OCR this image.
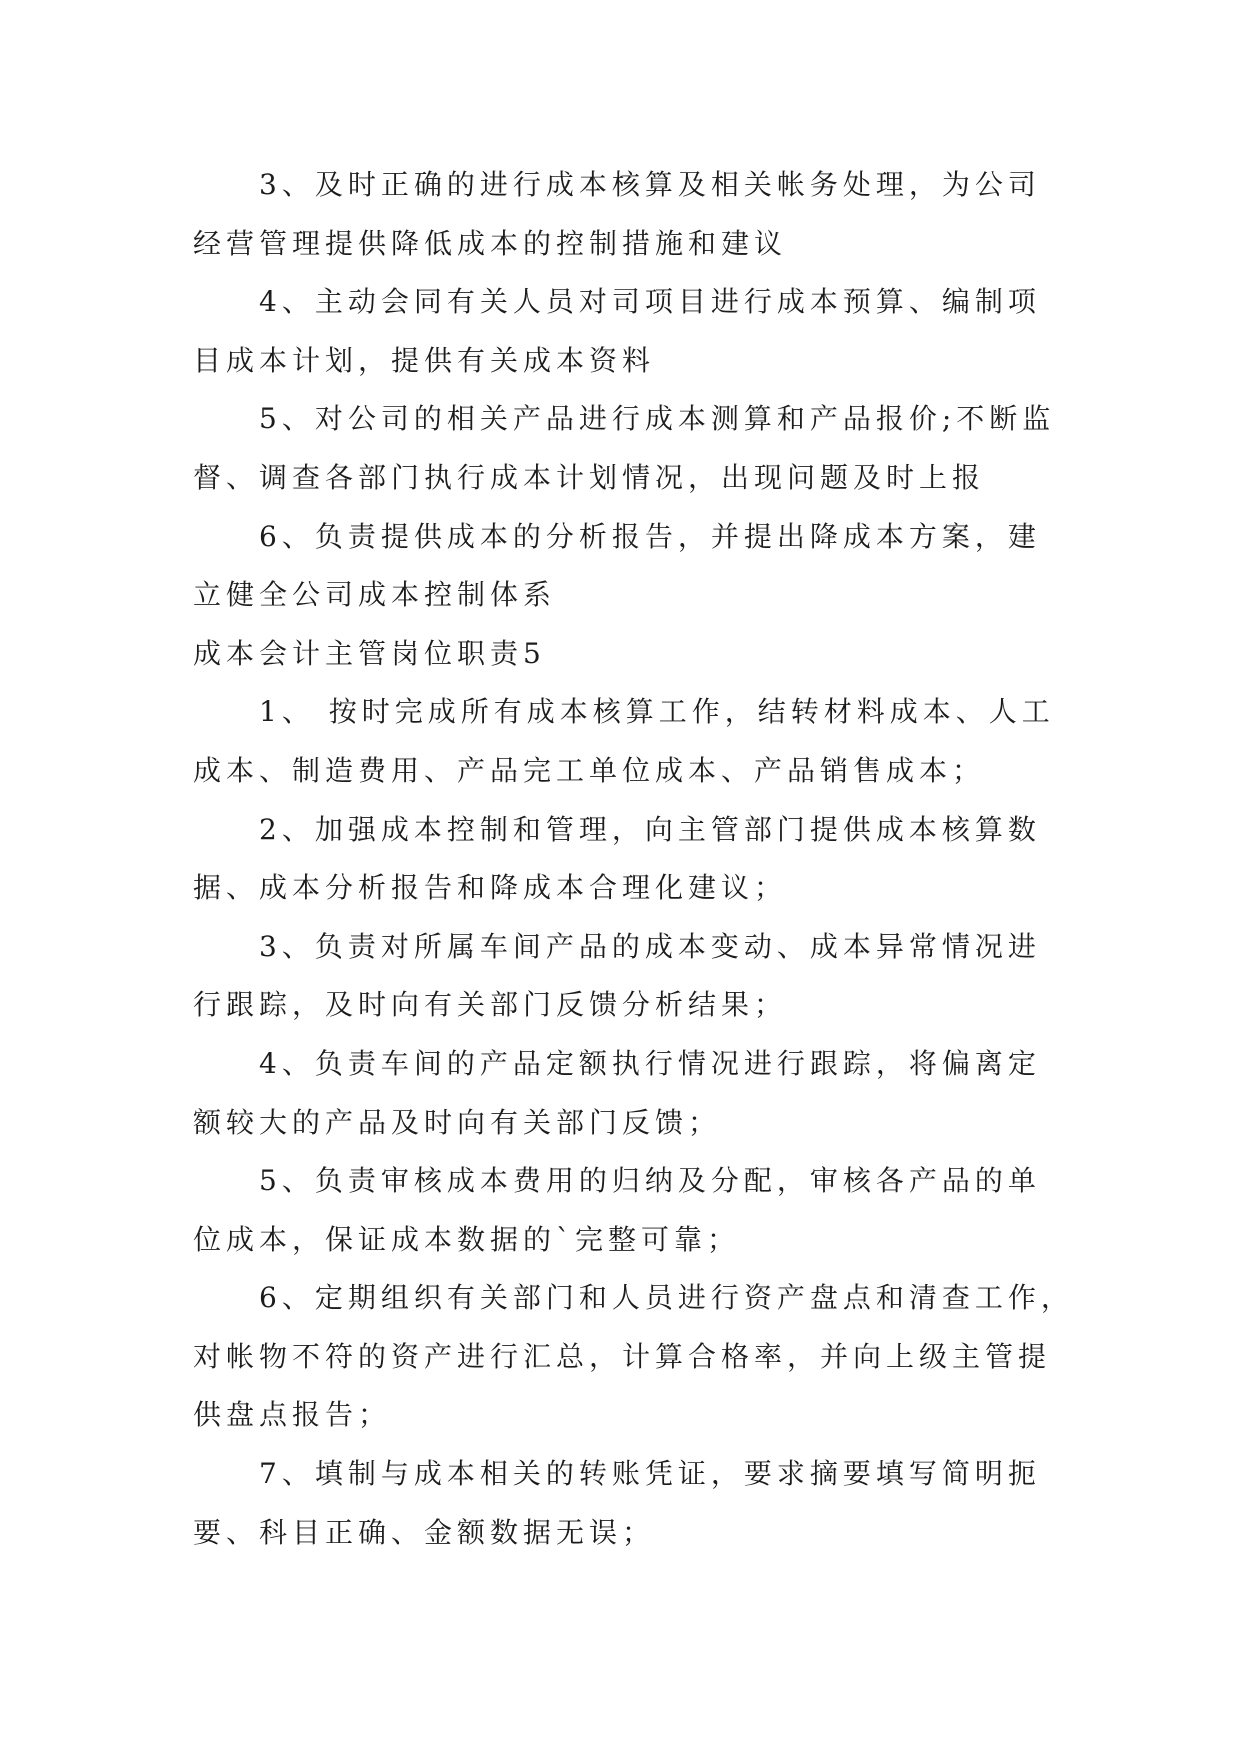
3、及时正确的进行成本核算及相关帐务处理，为公司
经营管理提供降低成本的控制措施和建议
4、主动会同有关人员对司项目进行成本预算、编制项
目成本计划，提供有关成本资料
5、对公司的相关产品进行成本测算和产品报价;不断监
督、调查各部门执行成本计划情况，出现问题及时上报
6、负责提供成本的分析报告，并提出降成本方案，建
立健全公司成本控制体系
成本会计主管岗位职责5
1、 按时完成所有成本核算工作，结转材料成本、人工
成本、制造费用、产品完工单位成本、产品销售成本；
2、加强成本控制和管理，向主管部门提供成本核算数
据、成本分析报告和降成本合理化建议；
3、负责对所属车间产品的成本变动、成本异常情况进
行跟踪，及时向有关部门反馈分析结果；
4、负责车间的产品定额执行情况进行跟踪，将偏离定
额较大的产品及时向有关部门反馈；
5、负责审核成本费用的归纳及分配，审核各产品的单
位成本，保证成本数据的`完整可靠；
6、定期组织有关部门和人员进行资产盘点和清查工作，
对帐物不符的资产进行汇总，计算合格率，并向上级主管提
供盘点报告；
7、填制与成本相关的转账凭证，要求摘要填写简明扼
要、科目正确、金额数据无误；
